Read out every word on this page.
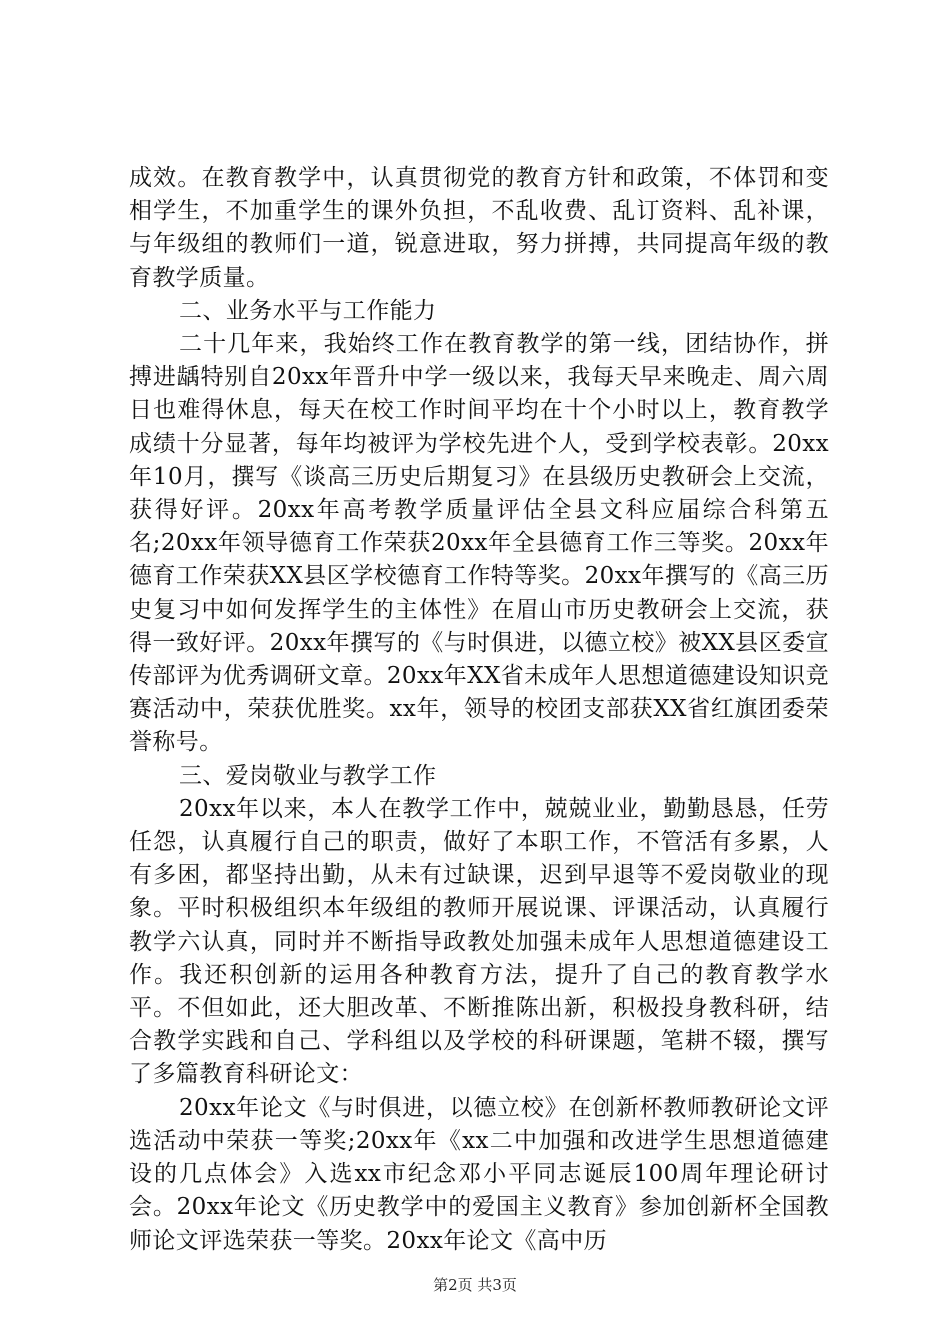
成效。在教育教学中，认真贯彻党的教育方针和政策，不体罚和变相学生，不加重学生的课外负担，不乱收费、乱订资料、乱补课，与年级组的教师们一道，锐意进取，努力拼搏，共同提高年级的教育教学质量。

二、业务水平与工作能力

二十几年来，我始终工作在教育教学的第一线，团结协作，拼搏进龋特别自20xx年晋升中学一级以来，我每天早来晚走、周六周日也难得休息，每天在校工作时间平均在十个小时以上，教育教学成绩十分显著，每年均被评为学校先进个人，受到学校表彰。20xx年10月，撰写《谈高三历史后期复习》在县级历史教研会上交流，获得好评。20xx年高考教学质量评估全县文科应届综合科第五名;20xx年领导德育工作荣获20xx年全县德育工作三等奖。20xx年德育工作荣获XX县区学校德育工作特等奖。20xx年撰写的《高三历史复习中如何发挥学生的主体性》在眉山市历史教研会上交流，获得一致好评。20xx年撰写的《与时俱进，以德立校》被XX县区委宣传部评为优秀调研文章。20xx年XX省未成年人思想道德建设知识竞赛活动中，荣获优胜奖。xx年，领导的校团支部获XX省红旗团委荣誉称号。

三、爱岗敬业与教学工作

20xx年以来，本人在教学工作中，兢兢业业，勤勤恳恳，任劳任怨，认真履行自己的职责，做好了本职工作，不管活有多累，人有多困，都坚持出勤，从未有过缺课，迟到早退等不爱岗敬业的现象。平时积极组织本年级组的教师开展说课、评课活动，认真履行教学六认真，同时并不断指导政教处加强未成年人思想道德建设工作。我还积创新的运用各种教育方法，提升了自己的教育教学水平。不但如此，还大胆改革、不断推陈出新，积极投身教科研，结合教学实践和自己、学科组以及学校的科研课题，笔耕不辍，撰写了多篇教育科研论文：

20xx年论文《与时俱进，以德立校》在创新杯教师教研论文评选活动中荣获一等奖;20xx年《xx二中加强和改进学生思想道德建设的几点体会》入选xx市纪念邓小平同志诞辰100周年理论研讨会。20xx年论文《历史教学中的爱国主义教育》参加创新杯全国教师论文评选荣获一等奖。20xx年论文《高中历

第2页 共3页
